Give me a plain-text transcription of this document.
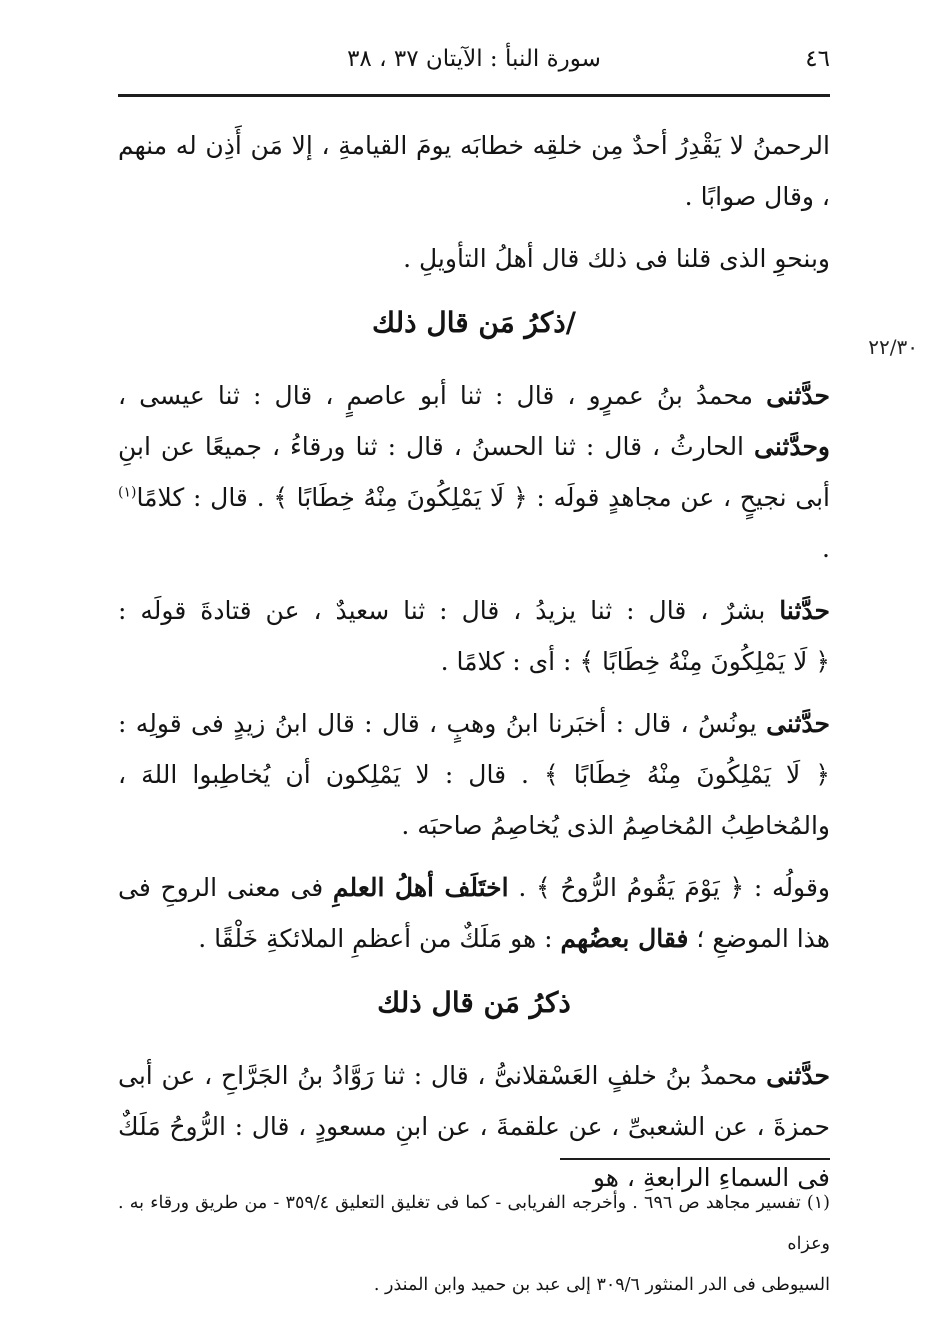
٤٦
سورة النبأ : الآيتان ٣٧ ، ٣٨
٢٢/٣٠

الرحمنُ لا يَقْدِرُ أحدٌ مِن خلقِه خطابَه يومَ القيامةِ ، إلا مَن أَذِن له منهم ، وقال صوابًا .

وبنحوِ الذى قلنا فى ذلك قال أهلُ التأويلِ .

/ذكرُ مَن قال ذلك

حدَّثنى محمدُ بنُ عمرٍو ، قال : ثنا أبو عاصمٍ ، قال : ثنا عيسى ، وحدَّثنى الحارثُ ، قال : ثنا الحسنُ ، قال : ثنا ورقاءُ ، جميعًا عن ابنِ أبى نجيحٍ ، عن مجاهدٍ قولَه : ﴿ لَا يَمْلِكُونَ مِنْهُ خِطَابًا ﴾ . قال : كلامًا$^{(١)}$ .

حدَّثنا بشرٌ ، قال : ثنا يزيدُ ، قال : ثنا سعيدٌ ، عن قتادةَ قولَه : ﴿ لَا يَمْلِكُونَ مِنْهُ خِطَابًا ﴾ : أى : كلامًا .

حدَّثنى يونُسُ ، قال : أخبَرنا ابنُ وهبٍ ، قال : قال ابنُ زيدٍ فى قولِه : ﴿ لَا يَمْلِكُونَ مِنْهُ خِطَابًا ﴾ . قال : لا يَمْلِكون أن يُخاطِبوا اللهَ ، والمُخاطِبُ المُخاصِمُ الذى يُخاصِمُ صاحبَه .

وقولُه : ﴿ يَوْمَ يَقُومُ الرُّوحُ ﴾ . اختَلَف أهلُ العلمِ فى معنى الروحِ فى هذا الموضعِ ؛ فقال بعضُهم : هو مَلَكٌ من أعظمِ الملائكةِ خَلْقًا .

ذكرُ مَن قال ذلك

حدَّثنى محمدُ بنُ خلفٍ العَسْقلانىُّ ، قال : ثنا رَوَّادُ بنُ الجَرَّاحِ ، عن أبى حمزةَ ، عن الشعبىِّ ، عن علقمةَ ، عن ابنِ مسعودٍ ، قال : الرُّوحُ مَلَكٌ فى السماءِ الرابعةِ ، هو

(١) تفسير مجاهد ص ٦٩٦ . وأخرجه الفريابى - كما فى تغليق التعليق ٣٥٩/٤ - من طريق ورقاء به . وعزاه
السيوطى فى الدر المنثور ٣٠٩/٦ إلى عبد بن حميد وابن المنذر .
